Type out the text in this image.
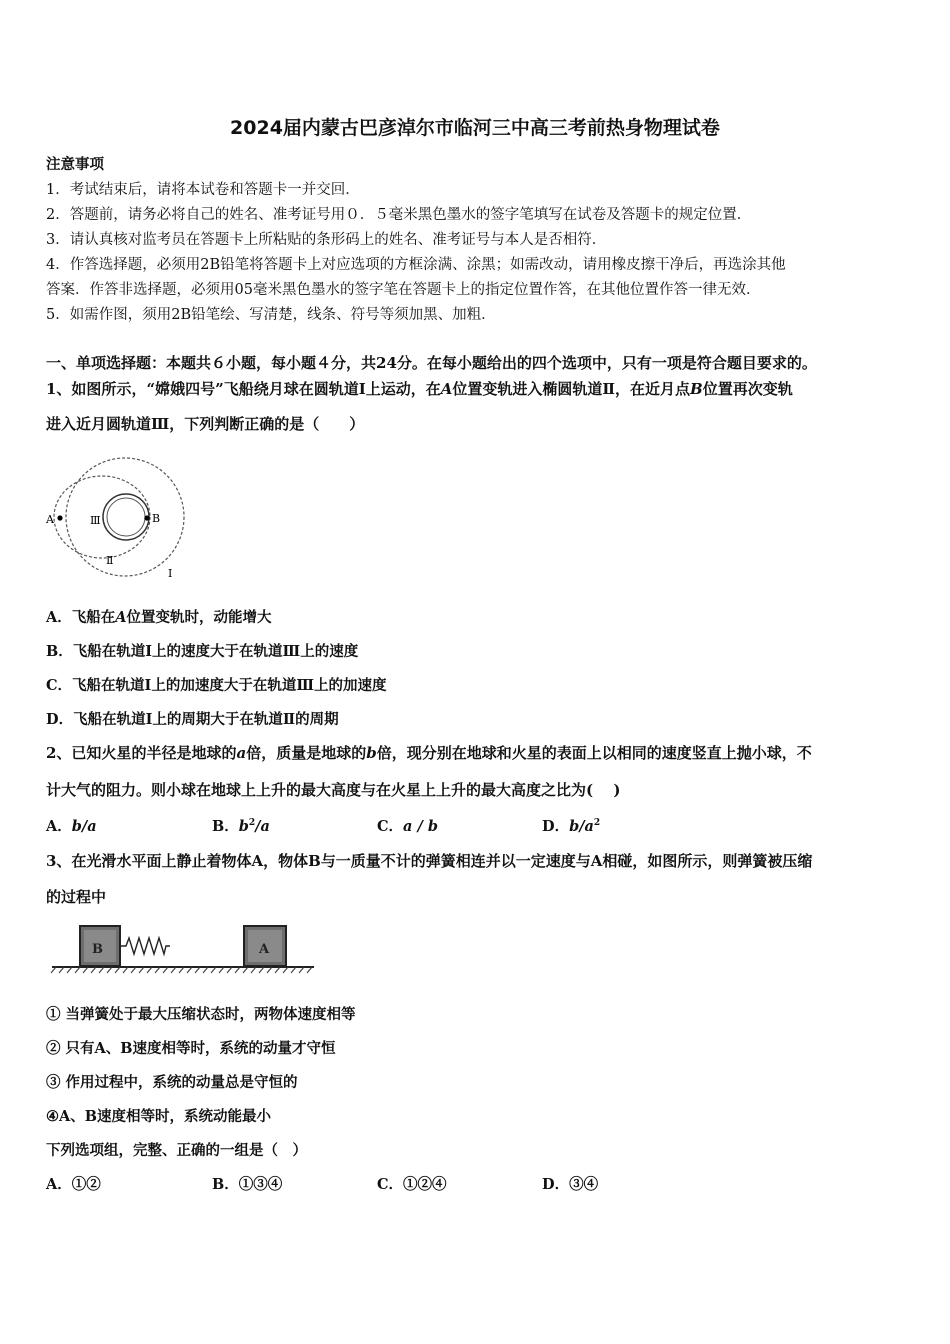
2024届内蒙古巴彦淖尔市临河三中高三考前热身物理试卷
注意事项
1．考试结束后，请将本试卷和答题卡一并交回．
2．答题前，请务必将自己的姓名、准考证号用０．５毫米黑色墨水的签字笔填写在试卷及答题卡的规定位置．
3．请认真核对监考员在答题卡上所粘贴的条形码上的姓名、准考证号与本人是否相符．
4．作答选择题，必须用2B铅笔将答题卡上对应选项的方框涂满、涂黑；如需改动，请用橡皮擦干净后，再选涂其他
答案．作答非选择题，必须用05毫米黑色墨水的签字笔在答题卡上的指定位置作答，在其他位置作答一律无效．
5．如需作图，须用2B铅笔绘、写清楚，线条、符号等须加黑、加粗．
一、单项选择题：本题共６小题，每小题４分，共24分。在每小题给出的四个选项中，只有一项是符合题目要求的。
1、如图所示，“嫦娥四号”飞船绕月球在圆轨道Ⅰ上运动，在A位置变轨进入椭圆轨道Ⅱ，在近月点B位置再次变轨
进入近月圆轨道Ⅲ，下列判断正确的是（　　）
A	B
Ⅲ
Ⅱ
Ⅰ
A．飞船在A位置变轨时，动能增大
B．飞船在轨道Ⅰ上的速度大于在轨道Ⅲ上的速度
C．飞船在轨道Ⅰ上的加速度大于在轨道Ⅲ上的加速度
D．飞船在轨道Ⅰ上的周期大于在轨道Ⅱ的周期
2、已知火星的半径是地球的a倍，质量是地球的b倍，现分别在地球和火星的表面上以相同的速度竖直上抛小球，不
计大气的阻力。则小球在地球上上升的最大高度与在火星上上升的最大高度之比为(　 )
A．b/a	B．$b^2/a$	C．a / b	D．$b/a^2$
3、在光滑水平面上静止着物体A，物体B与一质量不计的弹簧相连并以一定速度与A相碰，如图所示，则弹簧被压缩
的过程中
B	A
① 当弹簧处于最大压缩状态时，两物体速度相等
② 只有A、B速度相等时，系统的动量才守恒
③ 作用过程中，系统的动量总是守恒的
④A、B速度相等时，系统动能最小
下列选项组，完整、正确的一组是（　）
A．①②	B．①③④	C．①②④	D．③④
